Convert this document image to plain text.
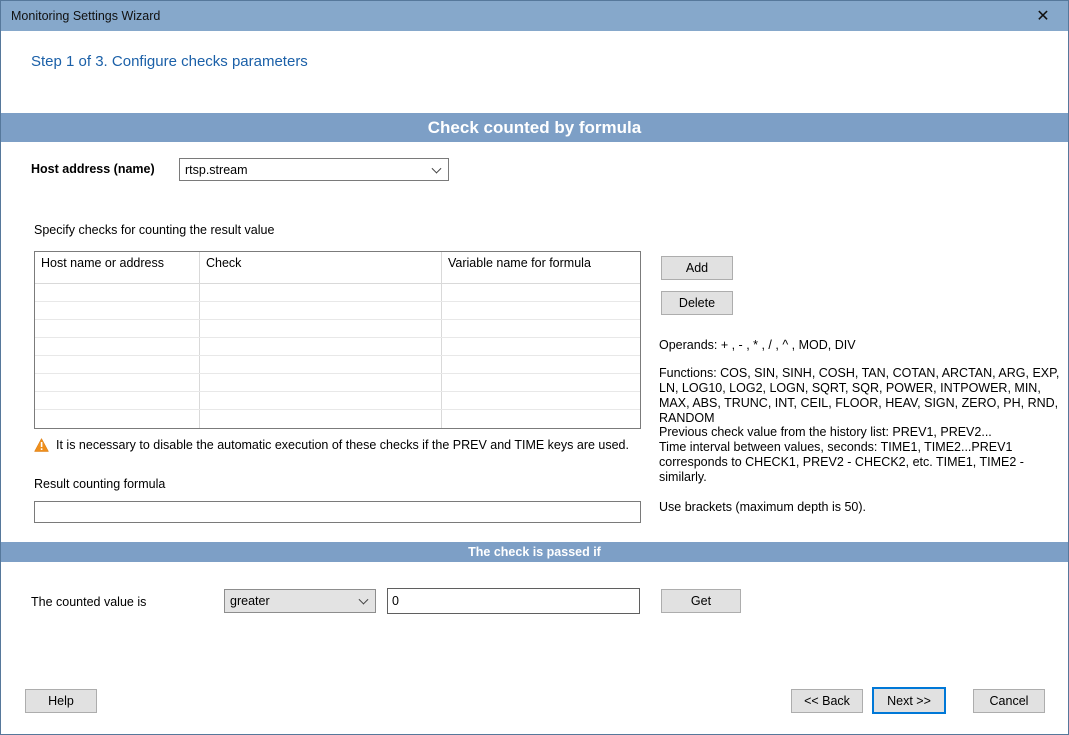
Monitoring Settings Wizard	✕
Step 1 of 3. Configure checks parameters
Check counted by formula
Host address (name) rtsp.stream
Specify checks for counting the result value
Host name or address	Check	Variable name for formula	Add
Delete
Operands: + , - , * , / , ^ , MOD, DIV
Functions: COS, SIN, SINH, COSH, TAN, COTAN, ARCTAN, ARG, EXP, LN, LOG10, LOG2, LOGN, SQRT, SQR, POWER, INTPOWER, MIN, MAX, ABS, TRUNC, INT, CEIL, FLOOR, HEAV, SIGN, ZERO, PH, RND, RANDOM
Previous check value from the history list: PREV1, PREV2...
Time interval between values, seconds: TIME1, TIME2...PREV1 corresponds to CHECK1, PREV2 - CHECK2, etc. TIME1, TIME2 - similarly.
Use brackets (maximum depth is 50).
It is necessary to disable the automatic execution of these checks if the PREV and TIME keys are used.
Result counting formula
The check is passed if
The counted value is	greater
0	Get
Help	<< Back	Next >>	Cancel
